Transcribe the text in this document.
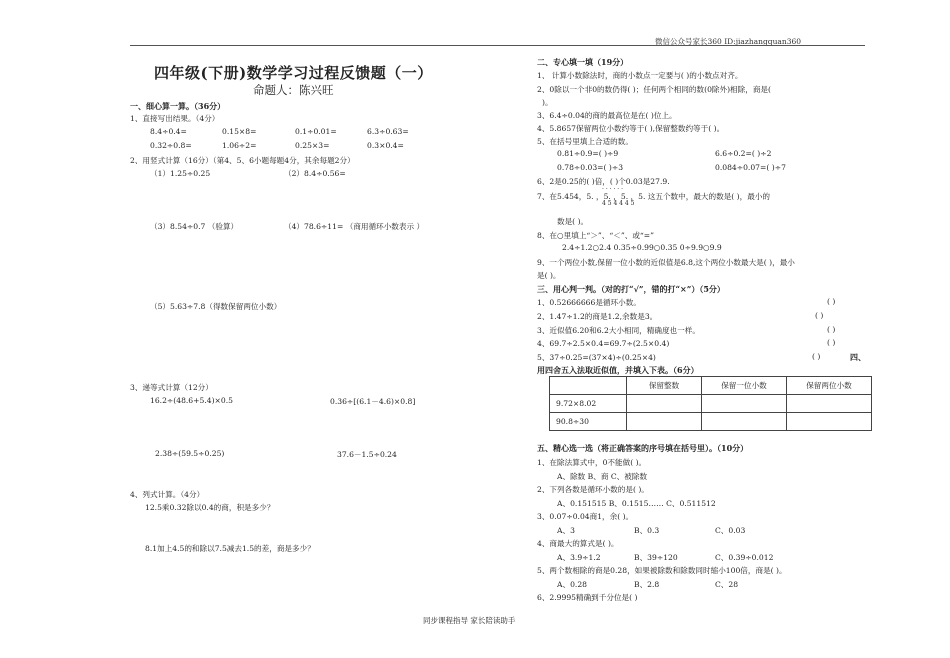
微信公众号家长360 ID:jiazhangquan360
四年级(下册)数学学习过程反馈题（一）
命题人：陈兴旺
一、细心算一算。（36分）
1、直接写出结果。（4分）
8.4÷0.4=	0.15×8=	0.1÷0.01=	6.3÷0.63=
0.32÷0.8=	1.06÷2=	0.25×3=	0.3×0.4=
2、用竖式计算（16分）（第4、5、6小题每题4分，其余每题2分）
（1）1.25÷0.25	（2）8.4÷0.56=
（3）8.54÷0.7 （验算）	（4）78.6÷11= （商用循环小数表示 ）
（5）5.63÷7.8（得数保留两位小数）
3、递等式计算（12分）
16.2÷(48.6+5.4)×0.5	0.36÷[(6.1－4.6)×0.8]
2.38÷(59.5÷0.25)	37.6－1.5÷0.24
4、列式计算。（4分）
12.5乘0.32除以0.4的商，积是多少？
8.1加上4.5的和除以7.5减去1.5的差，商是多少？
二、专心填一填（19分）
1、 计算小数除法时，商的小数点一定要与( )的小数点对齐。
2、0除以一个非0的数仍得( )；任何两个相同的数(0除外)相除，商是(
)。
3、6.4÷0.04的商的最高位是在( )位上。
4、5.8657保留两位小数约等于( ),保留整数约等于( )。
5、在括号里填上合适的数。
0.81÷0.9=( )÷9	6.6÷0.2=( )÷2
0.78÷0.03=( )÷3	0.084÷0.07=( )÷7
6、2是0.25的( )倍，( )个0.03是27.9.
7、在5.454，5. ，5. ，5. ，5. 这五个数中，最大的数是( )，最小的
· · · · · ·
4 5 4 4 4 5
数是( )。
8、在○里填上“＞”、“＜”、或“=”
2.4÷1.2○2.4 0.35÷0.99○0.35 0÷9.9○9.9
9、一个两位小数,保留一位小数的近似值是6.8,这个两位小数最大是( )，最小
是( )。
三、用心判一判。（对的打“√”，错的打“×”）（5分）
1、0.52666666是循环小数。	( )
2、1.47÷1.2的商是1.2,余数是3。	( )
3、近似值6.20和6.2大小相同，精确度也一样。	( )
4、69.7÷2.5×0.4=69.7÷(2.5×0.4)	( )
5、37÷0.25=(37×4)÷(0.25×4)	( )	四、
用四舍五入法取近似值，并填入下表。（6分）
	保留整数	保留一位小数	保留两位小数
9.72×8.02			
90.8÷30			
五、精心选一选（将正确答案的序号填在括号里）。（10分）
1、在除法算式中，0不能做( )。
A、除数 B、商 C、被除数
2、下列各数是循环小数的是( )。
A、0.151515 B、0.1515…… C、0.511512
3、0.07÷0.04商1，余( )。
A、3	B、0.3	C、0.03
4、商最大的算式是( )。
A、3.9÷1.2	B、39÷120	C、0.39÷0.012
5、两个数相除的商是0.28，如果被除数和除数同时缩小100倍，商是( )。
A、0.28	B、2.8	C、28
6、2.9995精确到千分位是( )
同步课程指导 家长陪读助手
